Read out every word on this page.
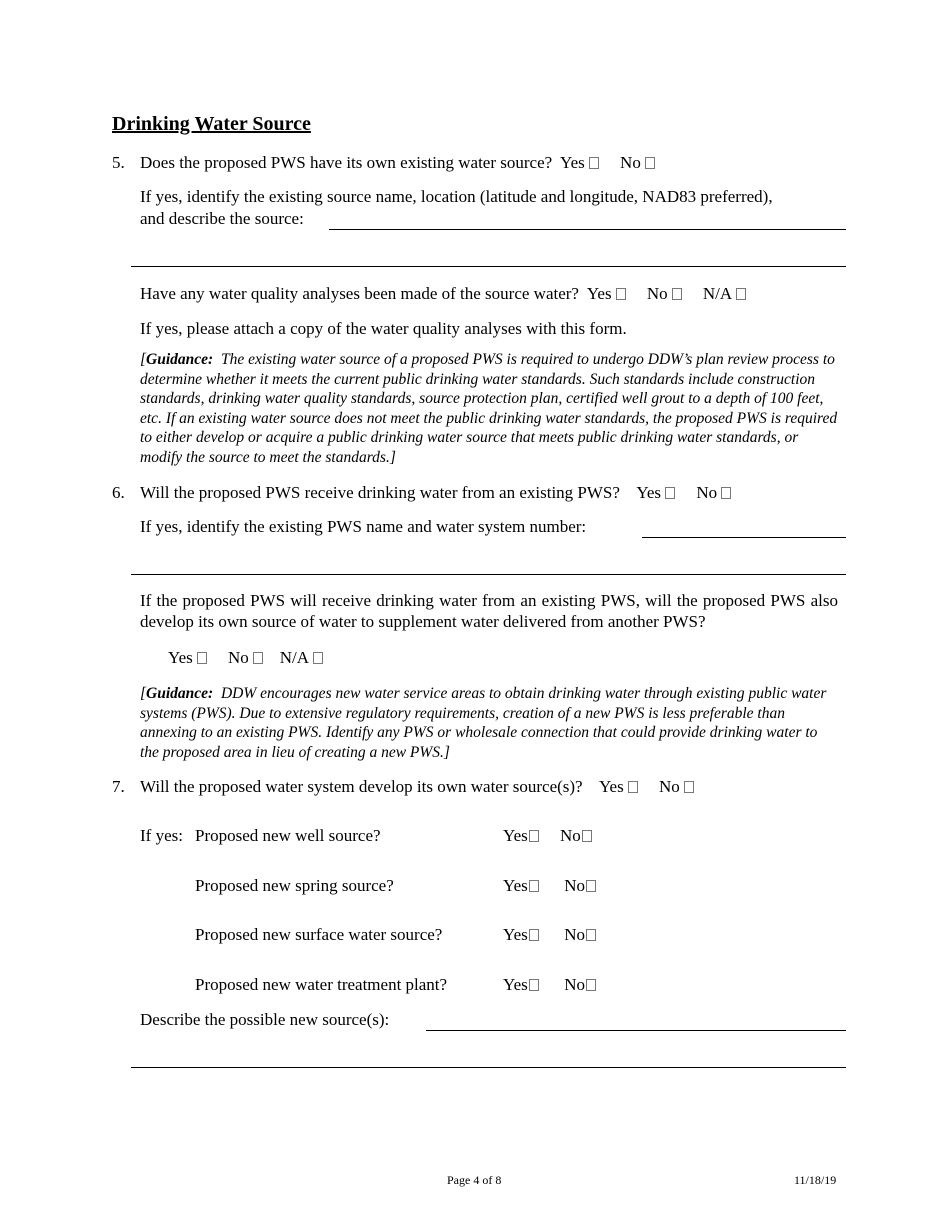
Drinking Water Source
5. Does the proposed PWS have its own existing water source? Yes No
If yes, identify the existing source name, location (latitude and longitude, NAD83 preferred),
and describe the source:
Have any water quality analyses been made of the source water? Yes No N/A
If yes, please attach a copy of the water quality analyses with this form.
[Guidance: The existing water source of a proposed PWS is required to undergo DDW’s plan review process to determine whether it meets the current public drinking water standards. Such standards include construction standards, drinking water quality standards, source protection plan, certified well grout to a depth of 100 feet, etc. If an existing water source does not meet the public drinking water standards, the proposed PWS is required to either develop or acquire a public drinking water source that meets public drinking water standards, or modify the source to meet the standards.]
6. Will the proposed PWS receive drinking water from an existing PWS? Yes No
If yes, identify the existing PWS name and water system number:
If the proposed PWS will receive drinking water from an existing PWS, will the proposed PWS also develop its own source of water to supplement water delivered from another PWS?
Yes No N/A
[Guidance: DDW encourages new water service areas to obtain drinking water through existing public water systems (PWS). Due to extensive regulatory requirements, creation of a new PWS is less preferable than annexing to an existing PWS. Identify any PWS or wholesale connection that could provide drinking water to the proposed area in lieu of creating a new PWS.]
7. Will the proposed water system develop its own water source(s)? Yes No
If yes: Proposed new well source?	Yes No
Proposed new spring source?	Yes No
Proposed new surface water source?	Yes No
Proposed new water treatment plant?	Yes No
Describe the possible new source(s):
Page 4 of 8	11/18/19
